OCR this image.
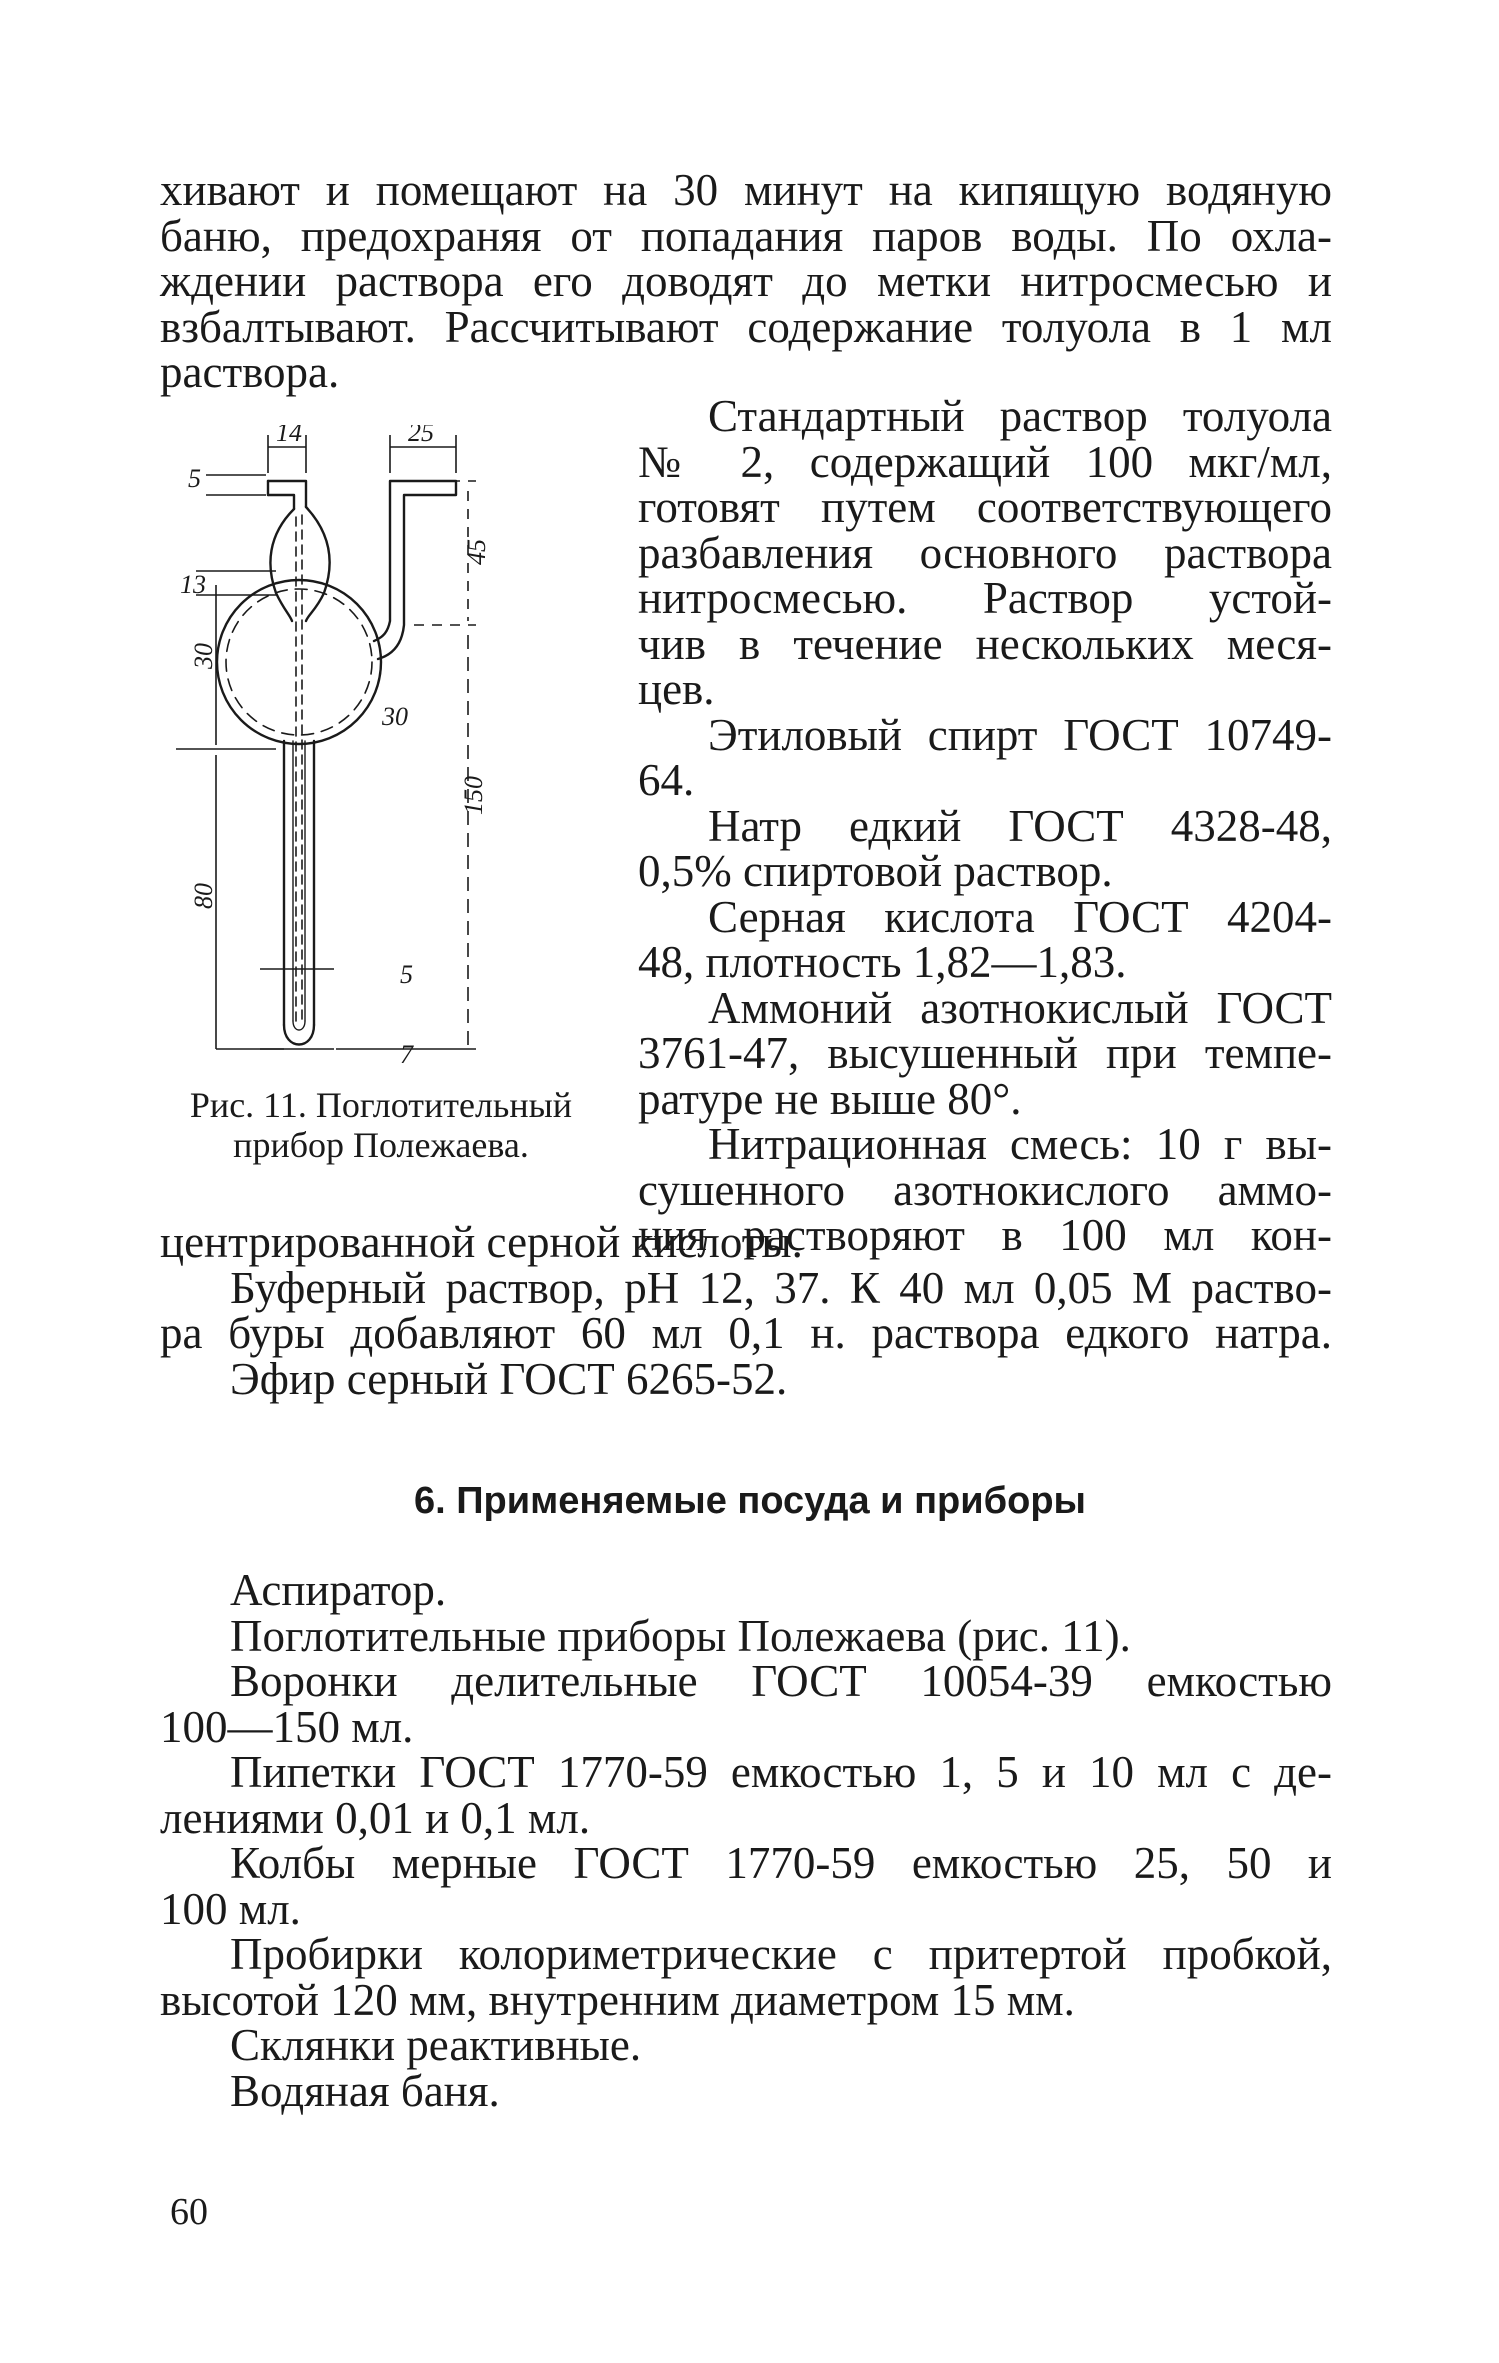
хивают и помещают на 30 минут на кипящую водяную
баню, предохраняя от попадания паров воды. По охла-
ждении раствора его доводят до метки нитросмесью и
взбалтывают. Рассчитывают содержание толуола в 1 мл
раствора.
Стандартный раствор толуола
№ 2, содержащий 100 мкг/мл,
готовят путем соответствующего
разбавления основного раствора
нитросмесью. Раствор устой-
чив в течение нескольких меся-
цев.
Этиловый спирт ГОСТ 10749-
64.
Натр едкий ГОСТ 4328-48,
0,5% спиртовой раствор.
Серная кислота ГОСТ 4204-
48, плотность 1,82—1,83.
Аммоний азотнокислый ГОСТ
3761-47, высушенный при темпе-
ратуре не выше 80°.
Нитрационная смесь: 10 г вы-
сушенного азотнокислого аммо-
ния растворяют в 100 мл кон-
14	25
5
13
45
30
30
150
80
5
7
Рис. 11. Поглотительный
прибор Полежаева.
центрированной серной кислоты.
Буферный раствор, pH 12, 37. К 40 мл 0,05 М раство-
ра буры добавляют 60 мл 0,1 н. раствора едкого натра.
Эфир серный ГОСТ 6265-52.
6. Применяемые посуда и приборы
Аспиратор.
Поглотительные приборы Полежаева (рис. 11).
Воронки делительные ГОСТ 10054-39 емкостью
100—150 мл.
Пипетки ГОСТ 1770-59 емкостью 1, 5 и 10 мл с де-
лениями 0,01 и 0,1 мл.
Колбы мерные ГОСТ 1770-59 емкостью 25, 50 и
100 мл.
Пробирки колориметрические с притертой пробкой,
высотой 120 мм, внутренним диаметром 15 мм.
Склянки реактивные.
Водяная баня.
60
